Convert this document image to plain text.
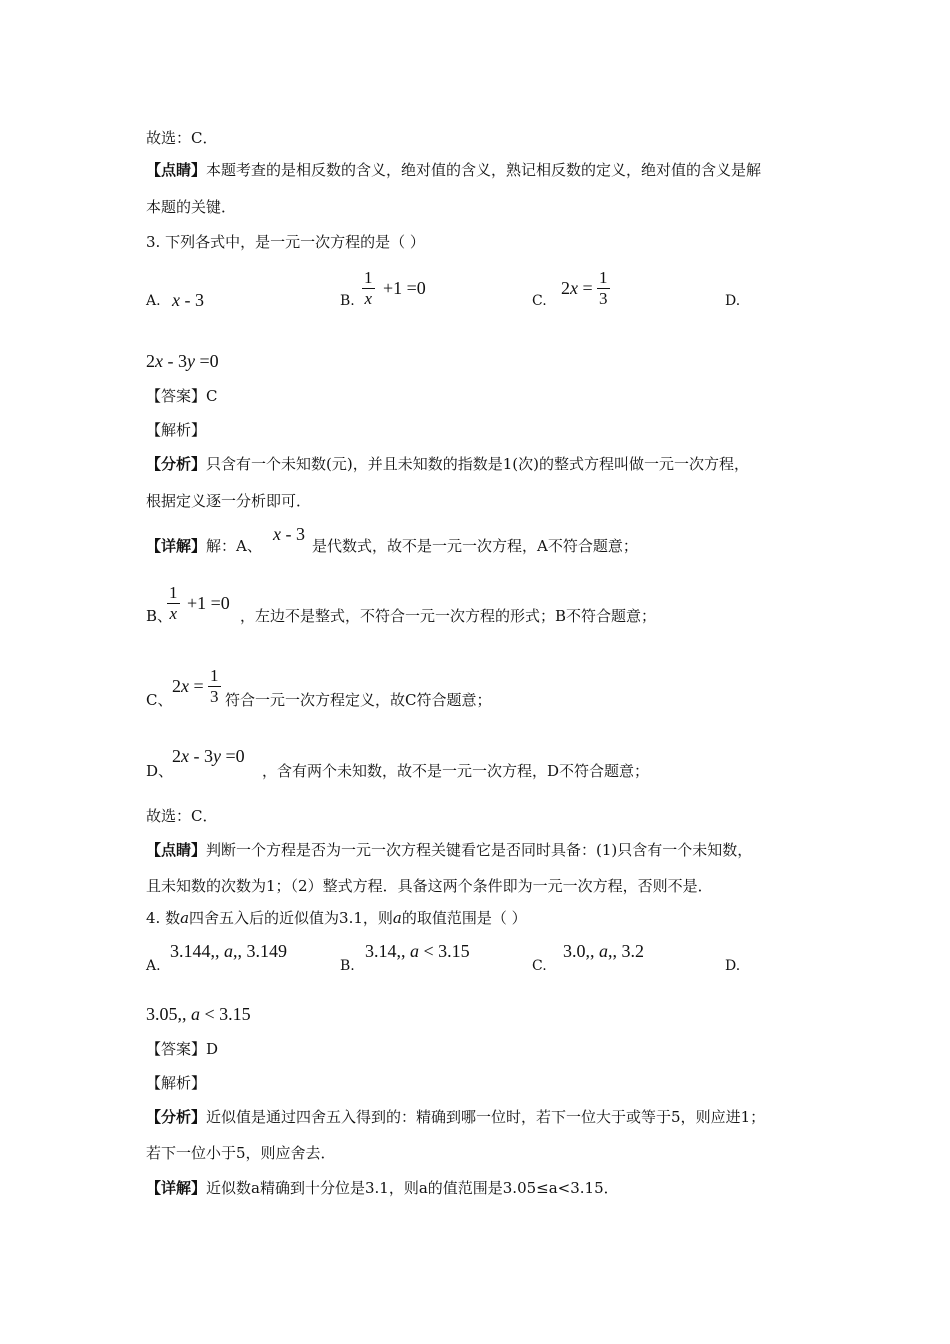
故选：C．
【点睛】本题考查的是相反数的含义，绝对值的含义，熟记相反数的定义，绝对值的含义是解
本题的关键．
3. 下列各式中，是一元一次方程的是（ ）
A. x - 3	B. $\frac{1}{x} +1 =0$
C.
$2x = \frac{1}{3}$	D.
2x - 3y =0
【答案】C
【解析】
【分析】只含有一个未知数(元)，并且未知数的指数是1(次)的整式方程叫做一元一次方程，
根据定义逐一分析即可．
【详解】解：A、
x - 3
是代数式，故不是一元一次方程，A不符合题意；
B、
$\frac{1}{x} +1 =0$
，左边不是整式，不符合一元一次方程的形式；B不符合题意；
C、
$2x = \frac{1}{3}$ 符合一元一次方程定义，故C符合题意；
D、
2x - 3y =0
，含有两个未知数，故不是一元一次方程，D不符合题意；
故选：C．
【点睛】判断一个方程是否为一元一次方程关键看它是否同时具备：(1)只含有一个未知数，
且未知数的次数为1；（2）整式方程．具备这两个条件即为一元一次方程，否则不是．
4. 数a四舍五入后的近似值为3.1，则a的取值范围是（ ）
A.
3.144,, a,, 3.149
B.
3.14,, a < 3.15
C.
3.0,, a,, 3.2
D.
3.05,, a < 3.15
【答案】D
【解析】
【分析】近似值是通过四舍五入得到的：精确到哪一位时，若下一位大于或等于5，则应进1；
若下一位小于5，则应舍去．
【详解】近似数a精确到十分位是3.1，则a的值范围是3.05≤a<3.15．
